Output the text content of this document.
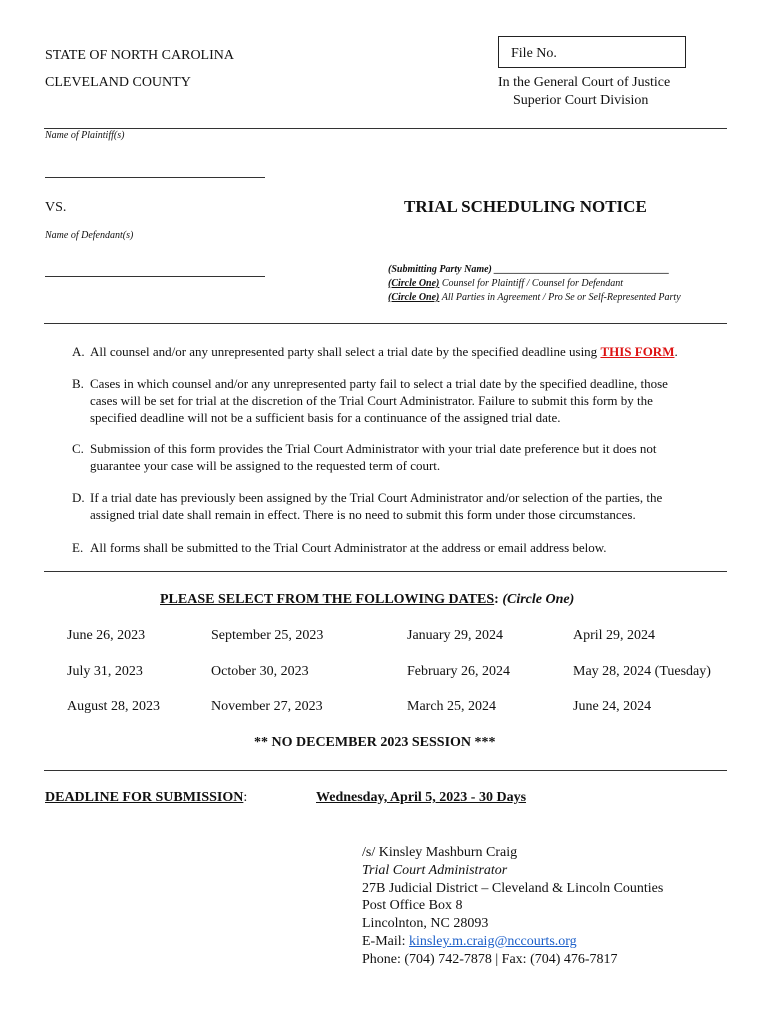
STATE OF NORTH CAROLINA
CLEVELAND COUNTY
File No.
In the General Court of Justice
Superior Court Division
Name of Plaintiff(s)
VS.	TRIAL SCHEDULING NOTICE
Name of Defendant(s)
(Submitting Party Name) ___________________________________
(Circle One) Counsel for Plaintiff / Counsel for Defendant
(Circle One) All Parties in Agreement / Pro Se or Self-Represented Party
A. All counsel and/or any unrepresented party shall select a trial date by the specified deadline using THIS FORM.
B. Cases in which counsel and/or any unrepresented party fail to select a trial date by the specified deadline, those
cases will be set for trial at the discretion of the Trial Court Administrator. Failure to submit this form by the
specified deadline will not be a sufficient basis for a continuance of the assigned trial date.
C. Submission of this form provides the Trial Court Administrator with your trial date preference but it does not
guarantee your case will be assigned to the requested term of court.
D. If a trial date has previously been assigned by the Trial Court Administrator and/or selection of the parties, the
assigned trial date shall remain in effect. There is no need to submit this form under those circumstances.
E. All forms shall be submitted to the Trial Court Administrator at the address or email address below.
PLEASE SELECT FROM THE FOLLOWING DATES: (Circle One)
June 26, 2023	September 25, 2023	January 29, 2024	April 29, 2024
July 31, 2023	October 30, 2023	February 26, 2024	May 28, 2024 (Tuesday)
August 28, 2023	November 27, 2023	March 25, 2024	June 24, 2024
** NO DECEMBER 2023 SESSION ***
DEADLINE FOR SUBMISSION:	Wednesday, April 5, 2023 - 30 Days
/s/ Kinsley Mashburn Craig
Trial Court Administrator
27B Judicial District – Cleveland & Lincoln Counties
Post Office Box 8
Lincolnton, NC 28093
E-Mail: kinsley.m.craig@nccourts.org
Phone: (704) 742-7878 | Fax: (704) 476-7817
